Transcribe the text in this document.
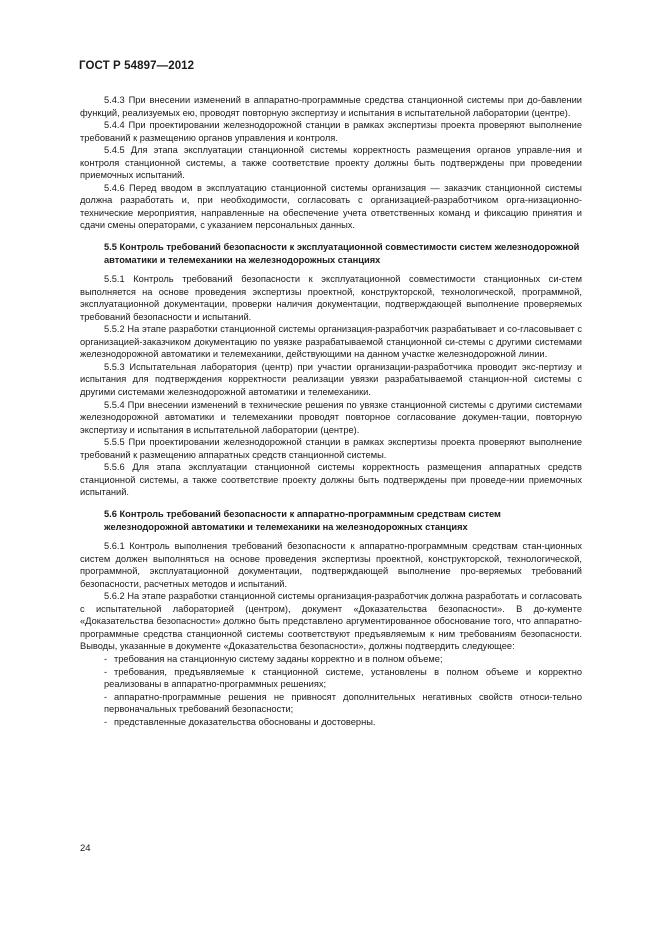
ГОСТ Р 54897—2012

5.4.3 При внесении изменений в аппаратно-программные средства станционной системы при до-бавлении функций, реализуемых ею, проводят повторную экспертизу и испытания в испытательной лаборатории (центре).

5.4.4 При проектировании железнодорожной станции в рамках экспертизы проекта проверяют выполнение требований к размещению органов управления и контроля.

5.4.5 Для этапа эксплуатации станционной системы корректность размещения органов управле-ния и контроля станционной системы, а также соответствие проекту должны быть подтверждены при проведении приемочных испытаний.

5.4.6 Перед вводом в эксплуатацию станционной системы организация — заказчик станционной системы должна разработать и, при необходимости, согласовать с организацией-разработчиком орга-низационно-технические мероприятия, направленные на обеспечение учета ответственных команд и фиксацию принятия и сдачи смены операторами, с указанием персональных данных.

5.5 Контроль требований безопасности к эксплуатационной совместимости систем железнодорожной автоматики и телемеханики на железнодорожных станциях

5.5.1 Контроль требований безопасности к эксплуатационной совместимости станционных си-стем выполняется на основе проведения экспертизы проектной, конструкторской, технологической, программной, эксплуатационной документации, проверки наличия документации, подтверждающей выполнение проверяемых требований безопасности и испытаний.

5.5.2 На этапе разработки станционной системы организация-разработчик разрабатывает и со-гласовывает с организацией-заказчиком документацию по увязке разрабатываемой станционной си-стемы с другими системами железнодорожной автоматики и телемеханики, действующими на данном участке железнодорожной линии.

5.5.3 Испытательная лаборатория (центр) при участии организации-разработчика проводит экс-пертизу и испытания для подтверждения корректности реализации увязки разрабатываемой станцион-ной системы с другими системами железнодорожной автоматики и телемеханики.

5.5.4 При внесении изменений в технические решения по увязке станционной системы с другими системами железнодорожной автоматики и телемеханики проводят повторное согласование докумен-тации, повторную экспертизу и испытания в испытательной лаборатории (центре).

5.5.5 При проектировании железнодорожной станции в рамках экспертизы проекта проверяют выполнение требований к размещению аппаратных средств станционной системы.

5.5.6 Для этапа эксплуатации станционной системы корректность размещения аппаратных средств станционной системы, а также соответствие проекту должны быть подтверждены при проведе-нии приемочных испытаний.

5.6 Контроль требований безопасности к аппаратно-программным средствам систем железнодорожной автоматики и телемеханики на железнодорожных станциях

5.6.1 Контроль выполнения требований безопасности к аппаратно-программным средствам стан-ционных систем должен выполняться на основе проведения экспертизы проектной, конструкторской, технологической, программной, эксплуатационной документации, подтверждающей выполнение про-веряемых требований безопасности, расчетных методов и испытаний.

5.6.2 На этапе разработки станционной системы организация-разработчик должна разработать и согласовать с испытательной лабораторией (центром), документ «Доказательства безопасности». В до-кументе «Доказательства безопасности» должно быть представлено аргументированное обоснование того, что аппаратно-программные средства станционной системы соответствуют предъявляемым к ним требованиям безопасности. Выводы, указанные в документе «Доказательства безопасности», должны подтвердить следующее:

- требования на станционную систему заданы корректно и в полном объеме;

- требования, предъявляемые к станционной системе, установлены в полном объеме и корректно реализованы в аппаратно-программных решениях;

- аппаратно-программные решения не привносят дополнительных негативных свойств относи-тельно первоначальных требований безопасности;

- представленные доказательства обоснованы и достоверны.

24
